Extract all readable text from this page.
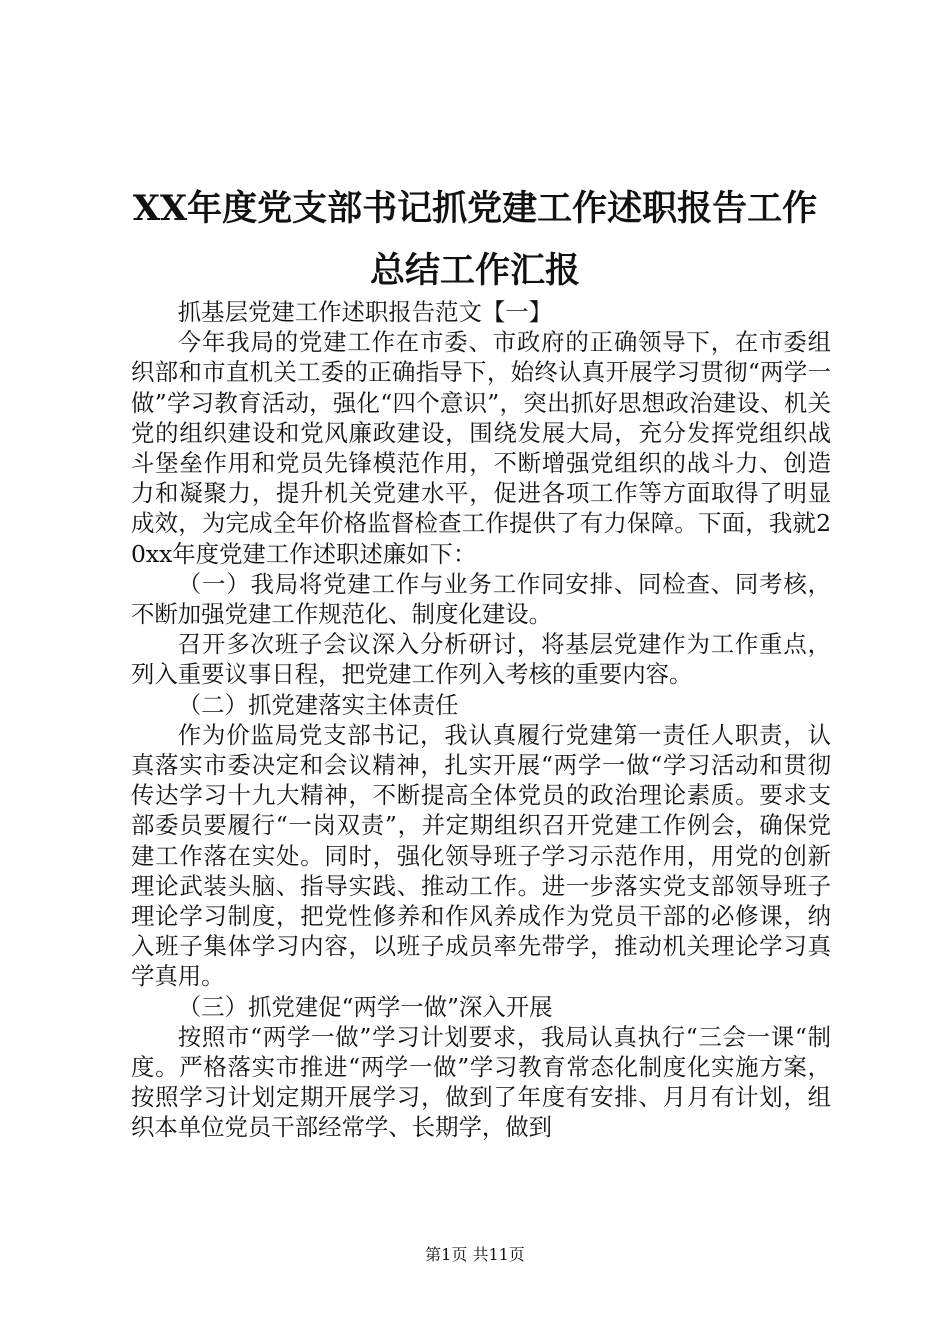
XX年度党支部书记抓党建工作述职报告工作
总结工作汇报

抓基层党建工作述职报告范文【一】

今年我局的党建工作在市委、市政府的正确领导下，在市委组织部和市直机关工委的正确指导下，始终认真开展学习贯彻“两学一做”学习教育活动，强化“四个意识”，突出抓好思想政治建设、机关党的组织建设和党风廉政建设，围绕发展大局，充分发挥党组织战斗堡垒作用和党员先锋模范作用，不断增强党组织的战斗力、创造力和凝聚力，提升机关党建水平，促进各项工作等方面取得了明显成效，为完成全年价格监督检查工作提供了有力保障。下面，我就20xx年度党建工作述职述廉如下：

（一）我局将党建工作与业务工作同安排、同检查、同考核，不断加强党建工作规范化、制度化建设。

召开多次班子会议深入分析研讨，将基层党建作为工作重点，列入重要议事日程，把党建工作列入考核的重要内容。

（二）抓党建落实主体责任

作为价监局党支部书记，我认真履行党建第一责任人职责，认真落实市委决定和会议精神，扎实开展“两学一做“学习活动和贯彻传达学习十九大精神，不断提高全体党员的政治理论素质。要求支部委员要履行“一岗双责”，并定期组织召开党建工作例会，确保党建工作落在实处。同时，强化领导班子学习示范作用，用党的创新理论武装头脑、指导实践、推动工作。进一步落实党支部领导班子理论学习制度，把党性修养和作风养成作为党员干部的必修课，纳入班子集体学习内容，以班子成员率先带学，推动机关理论学习真学真用。

（三）抓党建促“两学一做”深入开展

按照市“两学一做”学习计划要求，我局认真执行“三会一课“制度。严格落实市推进“两学一做”学习教育常态化制度化实施方案，按照学习计划定期开展学习，做到了年度有安排、月月有计划，组织本单位党员干部经常学、长期学，做到

第1页 共11页
